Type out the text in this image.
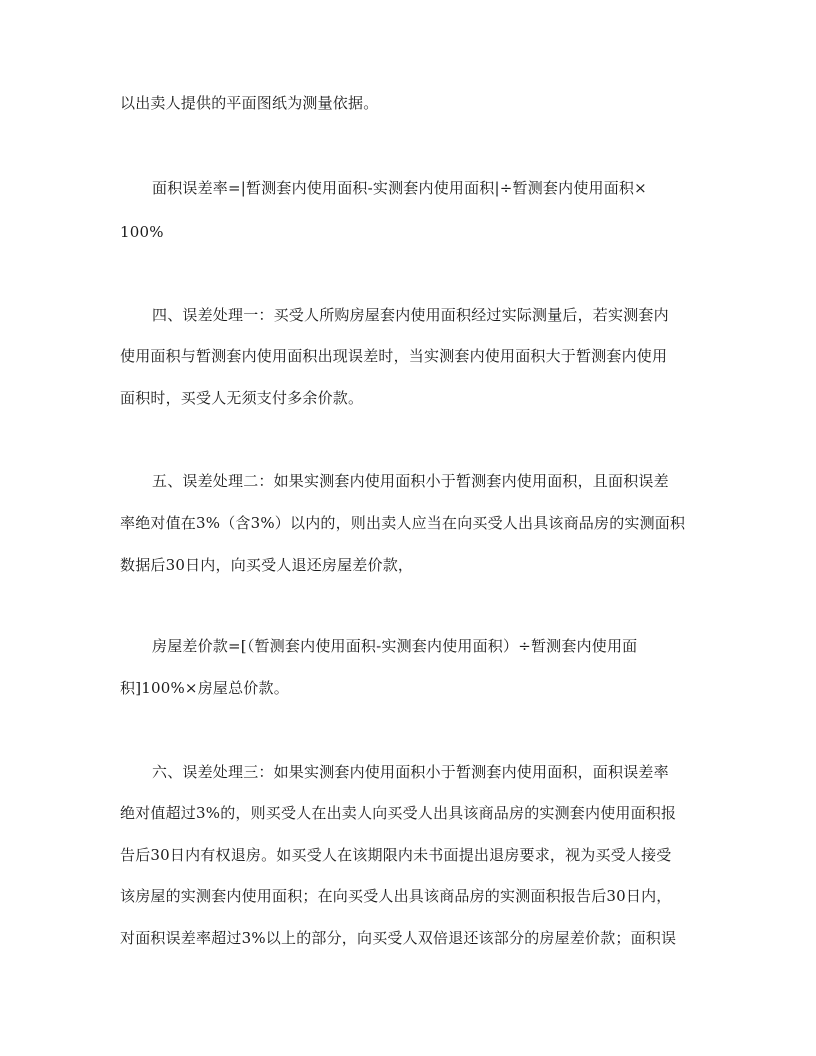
以出卖人提供的平面图纸为测量依据。
面积误差率=|暂测套内使用面积-实测套内使用面积|÷暂测套内使用面积×
100%
四、误差处理一：买受人所购房屋套内使用面积经过实际测量后，若实测套内
使用面积与暂测套内使用面积出现误差时，当实测套内使用面积大于暂测套内使用
面积时，买受人无须支付多余价款。
五、误差处理二：如果实测套内使用面积小于暂测套内使用面积，且面积误差
率绝对值在3%（含3%）以内的，则出卖人应当在向买受人出具该商品房的实测面积
数据后30日内，向买受人退还房屋差价款，
房屋差价款=[（暂测套内使用面积-实测套内使用面积）÷暂测套内使用面
积]100%×房屋总价款。
六、误差处理三：如果实测套内使用面积小于暂测套内使用面积，面积误差率
绝对值超过3%的，则买受人在出卖人向买受人出具该商品房的实测套内使用面积报
告后30日内有权退房。如买受人在该期限内未书面提出退房要求，视为买受人接受
该房屋的实测套内使用面积；在向买受人出具该商品房的实测面积报告后30日内，
对面积误差率超过3%以上的部分，向买受人双倍退还该部分的房屋差价款；面积误
